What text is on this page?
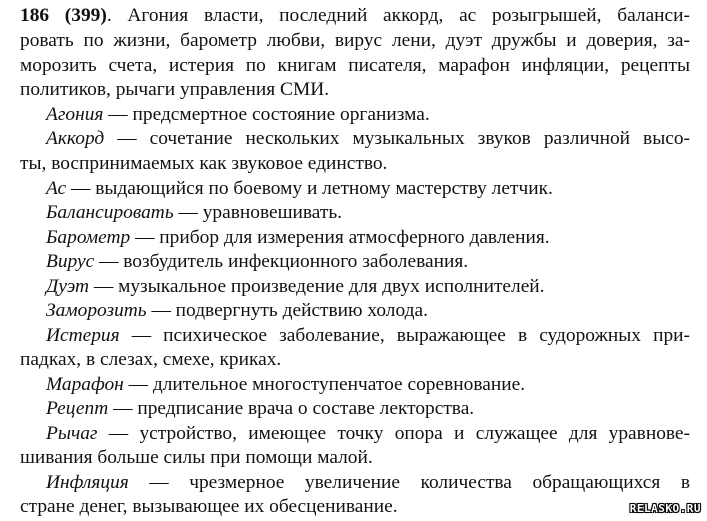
186 (399). Агония власти, последний аккорд, ас розыгрышей, баланси-
ровать по жизни, барометр любви, вирус лени, дуэт дружбы и доверия, за-
морозить счета, истерия по книгам писателя, марафон инфляции, рецепты
политиков, рычаги управления СМИ.
Агония — предсмертное состояние организма.
Аккорд — сочетание нескольких музыкальных звуков различной высо-
ты, воспринимаемых как звуковое единство.
Ас — выдающийся по боевому и летному мастерству летчик.
Балансировать — уравновешивать.
Барометр — прибор для измерения атмосферного давления.
Вирус — возбудитель инфекционного заболевания.
Дуэт — музыкальное произведение для двух исполнителей.
Заморозить — подвергнуть действию холода.
Истерия — психическое заболевание, выражающее в судорожных при-
падках, в слезах, смехе, криках.
Марафон — длительное многоступенчатое соревнование.
Рецепт — предписание врача о составе лекторства.
Рычаг — устройство, имеющее точку опора и служащее для уравнове-
шивания больше силы при помощи малой.
Инфляция — чрезмерное увеличение количества обращающихся в
стране денег, вызывающее их обесценивание.	RELASKO.RU
